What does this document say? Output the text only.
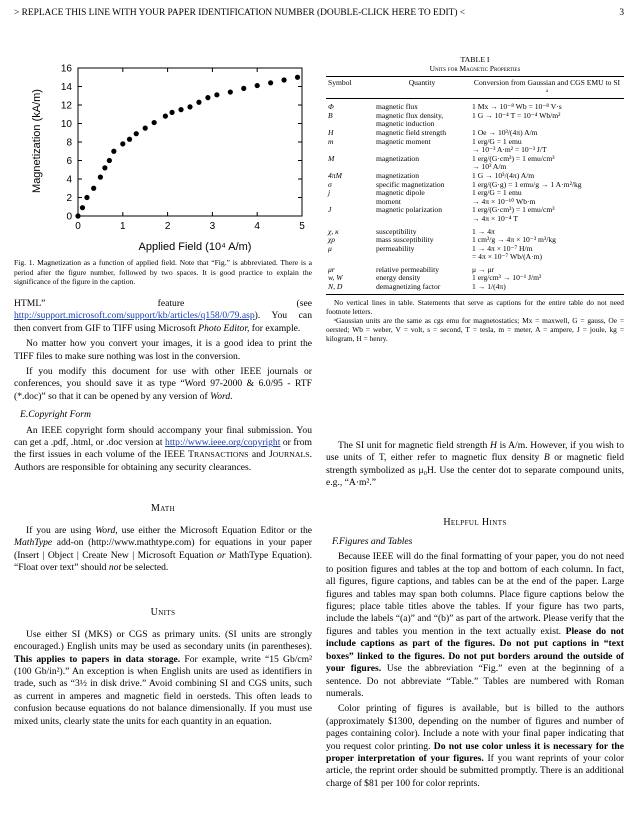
> REPLACE THIS LINE WITH YOUR PAPER IDENTIFICATION NUMBER (DOUBLE-CLICK HERE TO EDIT) <	3
0	1	2	3	4	5
0
2
4
6
8
10
12
14
16
Magnetization (kA/m)
Applied Field (10⁴ A/m)
Fig. 1. Magnetization as a function of applied field. Note that “Fig.” is abbreviated. There is a period after the figure number, followed by two spaces. It is good practice to explain the significance of the figure in the caption.

HTML” feature (see http://support.microsoft.com/support/kb/articles/q158/0/79.asp). You can then convert from GIF to TIFF using Microsoft Photo Editor, for example.

No matter how you convert your images, it is a good idea to print the TIFF files to make sure nothing was lost in the conversion.

If you modify this document for use with other IEEE journals or conferences, you should save it as type “Word 97-2000 & 6.0/95 - RTF (*.doc)” so that it can be opened by any version of Word.

E.Copyright Form

An IEEE copyright form should accompany your final submission. You can get a .pdf, .html, or .doc version at http://www.ieee.org/copyright or from the first issues in each volume of the IEEE TRANSACTIONS and JOURNALS. Authors are responsible for obtaining any security clearances.

Math

If you are using Word, use either the Microsoft Equation Editor or the MathType add-on (http://www.mathtype.com) for equations in your paper (Insert | Object | Create New | Microsoft Equation or MathType Equation). “Float over text” should not be selected.

Units

Use either SI (MKS) or CGS as primary units. (SI units are strongly encouraged.) English units may be used as secondary units (in parentheses). This applies to papers in data storage. For example, write “15 Gb/cm² (100 Gb/in²).” An exception is when English units are used as identifiers in trade, such as “3½ in disk drive.” Avoid combining SI and CGS units, such as current in amperes and magnetic field in oersteds. This often leads to confusion because equations do not balance dimensionally. If you must use mixed units, clearly state the units for each quantity in an equation.

TABLE I
Units for Magnetic Properties
Symbol	Quantity	Conversion from Gaussian and CGS EMU to SI ᵃ
Φ	magnetic flux	1 Mx → 10⁻⁸ Wb = 10⁻⁸ V·s
B	magnetic flux density,
magnetic induction	1 G → 10⁻⁴ T = 10⁻⁴ Wb/m²
H	magnetic field strength	1 Oe → 10³/(4π) A/m
m	magnetic moment	1 erg/G = 1 emu
→ 10⁻³ A·m² = 10⁻³ J/T
M	magnetization	1 erg/(G·cm³) = 1 emu/cm³
→ 10³ A/m
4πM	magnetization	1 G → 10³/(4π) A/m
σ	specific magnetization	1 erg/(G·g) = 1 emu/g → 1 A·m²/kg
j	magnetic dipole
moment	1 erg/G = 1 emu
→ 4π × 10⁻¹⁰ Wb·m
J	magnetic polarization	1 erg/(G·cm³) = 1 emu/cm³
→ 4π × 10⁻⁴ T
χ, κ	susceptibility	1 → 4π
χρ	mass susceptibility	1 cm³/g → 4π × 10⁻³ m³/kg
μ	permeability	1 → 4π × 10⁻⁷ H/m
= 4π × 10⁻⁷ Wb/(A·m)
μr	relative permeability	μ → μr
w, W	energy density	1 erg/cm³ → 10⁻¹ J/m³
N, D	demagnetizing factor	1 → 1/(4π)
No vertical lines in table. Statements that serve as captions for the entire table do not need footnote letters.
ᵃGaussian units are the same as cgs emu for magnetostatics; Mx = maxwell, G = gauss, Oe = oersted; Wb = weber, V = volt, s = second, T = tesla, m = meter, A = ampere, J = joule, kg = kilogram, H = henry.

The SI unit for magnetic field strength H is A/m. However, if you wish to use units of T, either refer to magnetic flux density B or magnetic field strength symbolized as μ₀H. Use the center dot to separate compound units, e.g., “A·m².”

Helpful Hints

F.Figures and Tables

Because IEEE will do the final formatting of your paper, you do not need to position figures and tables at the top and bottom of each column. In fact, all figures, figure captions, and tables can be at the end of the paper. Large figures and tables may span both columns. Place figure captions below the figures; place table titles above the tables. If your figure has two parts, include the labels “(a)” and “(b)” as part of the artwork. Please verify that the figures and tables you mention in the text actually exist. Please do not include captions as part of the figures. Do not put captions in “text boxes” linked to the figures. Do not put borders around the outside of your figures. Use the abbreviation “Fig.” even at the beginning of a sentence. Do not abbreviate “Table.” Tables are numbered with Roman numerals.

Color printing of figures is available, but is billed to the authors (approximately $1300, depending on the number of figures and number of pages containing color). Include a note with your final paper indicating that you request color printing. Do not use color unless it is necessary for the proper interpretation of your figures. If you want reprints of your color article, the reprint order should be submitted promptly. There is an additional charge of $81 per 100 for color reprints.
